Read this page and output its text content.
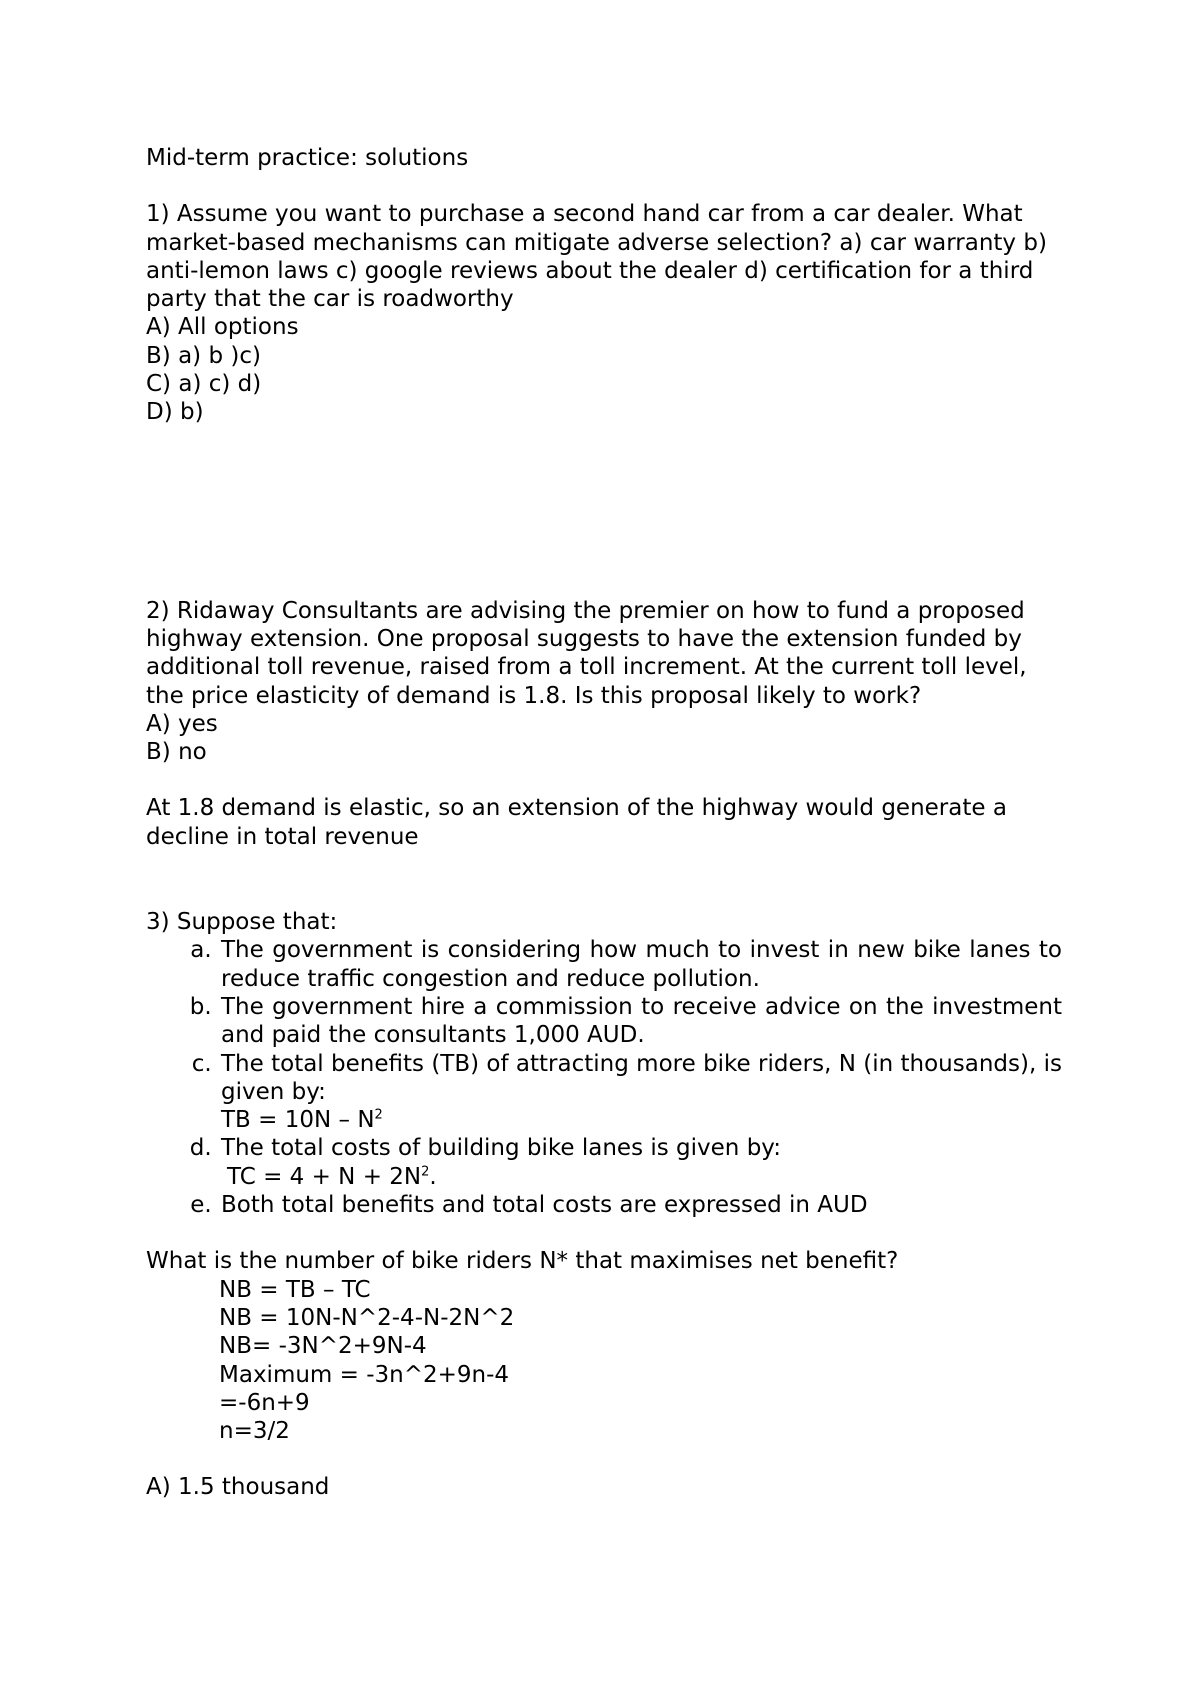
Mid-term practice: solutions

1) Assume you want to purchase a second hand car from a car dealer. What market-based mechanisms can mitigate adverse selection? a) car warranty b) anti-lemon laws c) google reviews about the dealer d) certification for a third party that the car is roadworthy

A) All options

B) a) b )c)

C) a) c) d)

D) b)

2) Ridaway Consultants are advising the premier on how to fund a proposed highway extension. One proposal suggests to have the extension funded by additional toll revenue, raised from a toll increment. At the current toll level, the price elasticity of demand is 1.8. Is this proposal likely to work?

A) yes

B) no

At 1.8 demand is elastic, so an extension of the highway would generate a decline in total revenue

3) Suppose that:

a. The government is considering how much to invest in new bike lanes to reduce traffic congestion and reduce pollution.
b. The government hire a commission to receive advice on the investment and paid the consultants 1,000 AUD.
c. The total benefits (TB) of attracting more bike riders, N (in thousands), is given by:
TB = $10N - N^2$
d. The total costs of building bike lanes is given by:
TC = $4 + N + 2N^2$.
e. Both total benefits and total costs are expressed in AUD

What is the number of bike riders N* that maximises net benefit?

NB = TB – TC

NB = 10N-N^2-4-N-2N^2

NB= -3N^2+9N-4

Maximum = -3n^2+9n-4

=-6n+9

n=3/2

A) 1.5 thousand
